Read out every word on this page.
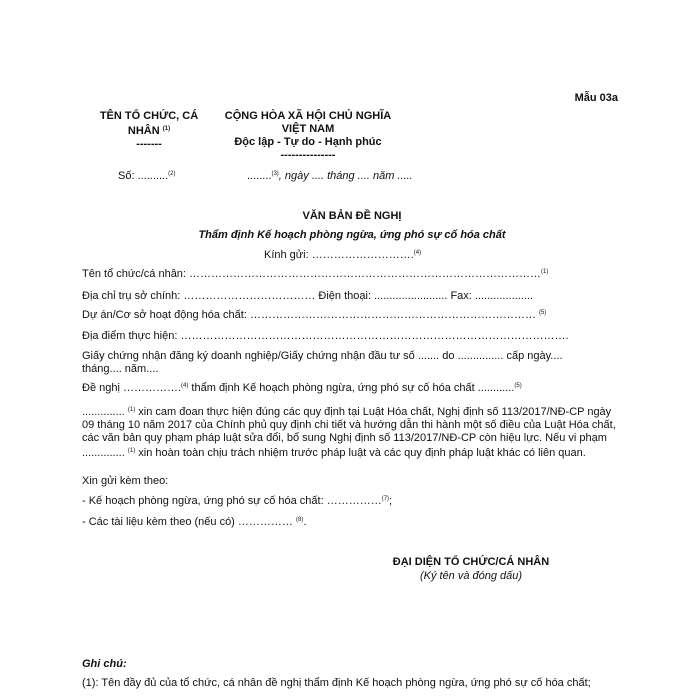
Mẫu 03a
TÊN TỔ CHỨC, CÁ
NHÂN $^{(1)}$
-------
Số: ..........$^{(2)}$
CỘNG HÒA XÃ HỘI CHỦ NGHĨA
VIỆT NAM
Độc lập - Tự do - Hạnh phúc
---------------
........$^{(3)}$, ngày .... tháng .... năm .....
VĂN BẢN ĐỀ NGHỊ
Thẩm định Kế hoạch phòng ngừa, ứng phó sự cố hóa chất
Kính gửi: ……………………….$^{(4)}$
Tên tổ chức/cá nhân: ……………………………………………………………………………………$^{(1)}$
Địa chỉ trụ sở chính: ……………………………… Điện thoại: ........................ Fax: ...................
Dự án/Cơ sở hoạt động hóa chất: …………………………………………………………………… $^{(5)}$
Địa điểm thực hiện: …………………………………………………………………………………………….
Giấy chứng nhận đăng ký doanh nghiệp/Giấy chứng nhận đầu tư số ....... do ............... cấp ngày....
tháng.... năm....
Đề nghị …………….$^{(4)}$ thẩm định Kế hoạch phòng ngừa, ứng phó sự cố hóa chất ............$^{(5)}$
.............. $^{(1)}$ xin cam đoan thực hiện đúng các quy định tại Luật Hóa chất, Nghị định số 113/2017/NĐ-CP ngày 09 tháng 10 năm 2017 của Chính phủ quy định chi tiết và hướng dẫn thi hành một số điều của Luật Hóa chất, các văn bản quy phạm pháp luật sửa đổi, bổ sung Nghị định số 113/2017/NĐ-CP còn hiệu lực. Nếu vi phạm .............. $^{(1)}$ xin hoàn toàn chịu trách nhiệm trước pháp luật và các quy định pháp luật khác có liên quan.
Xin gửi kèm theo:
- Kế hoạch phòng ngừa, ứng phó sự cố hóa chất: ……………$^{(7)}$;
- Các tài liệu kèm theo (nếu có) …………… $^{(8)}$.
ĐẠI DIỆN TỔ CHỨC/CÁ NHÂN
(Ký tên và đóng dấu)
Ghi chú:
(1): Tên đầy đủ của tổ chức, cá nhân đề nghị thẩm định Kế hoạch phòng ngừa, ứng phó sự cố hóa chất;
